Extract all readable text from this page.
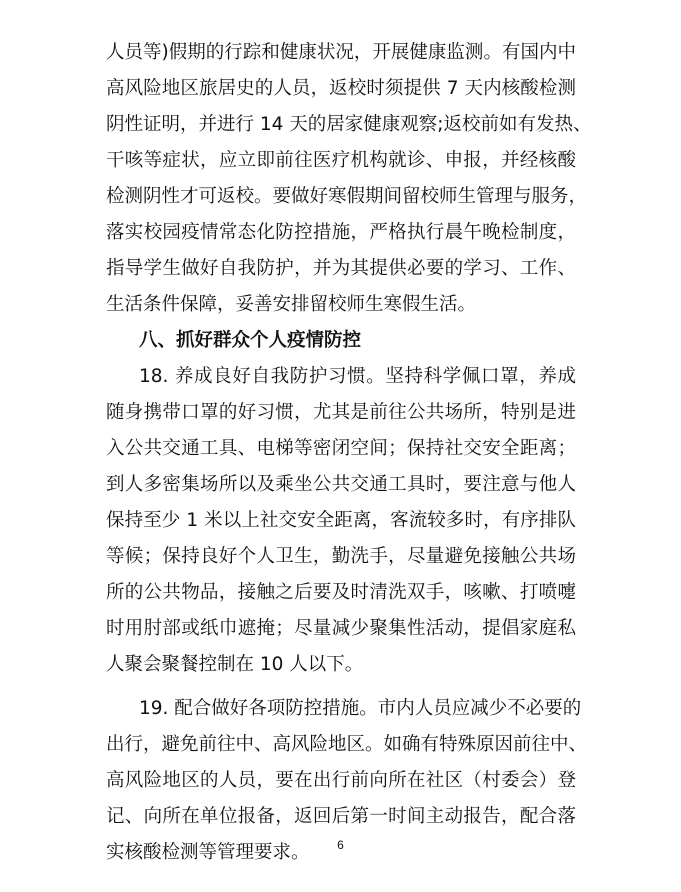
人员等)假期的行踪和健康状况，开展健康监测。有国内中
高风险地区旅居史的人员，返校时须提供 7 天内核酸检测
阴性证明，并进行 14 天的居家健康观察;返校前如有发热、
干咳等症状，应立即前往医疗机构就诊、申报，并经核酸
检测阴性才可返校。要做好寒假期间留校师生管理与服务，
落实校园疫情常态化防控措施，严格执行晨午晚检制度，
指导学生做好自我防护，并为其提供必要的学习、工作、
生活条件保障，妥善安排留校师生寒假生活。
八、抓好群众个人疫情防控
18. 养成良好自我防护习惯。坚持科学佩口罩，养成
随身携带口罩的好习惯，尤其是前往公共场所，特别是进
入公共交通工具、电梯等密闭空间；保持社交安全距离；
到人多密集场所以及乘坐公共交通工具时，要注意与他人
保持至少 1 米以上社交安全距离，客流较多时，有序排队
等候；保持良好个人卫生，勤洗手，尽量避免接触公共场
所的公共物品，接触之后要及时清洗双手，咳嗽、打喷嚏
时用肘部或纸巾遮掩；尽量减少聚集性活动，提倡家庭私
人聚会聚餐控制在 10 人以下。
19. 配合做好各项防控措施。市内人员应减少不必要的
出行，避免前往中、高风险地区。如确有特殊原因前往中、
高风险地区的人员，要在出行前向所在社区（村委会）登
记、向所在单位报备，返回后第一时间主动报告，配合落
实核酸检测等管理要求。	6
